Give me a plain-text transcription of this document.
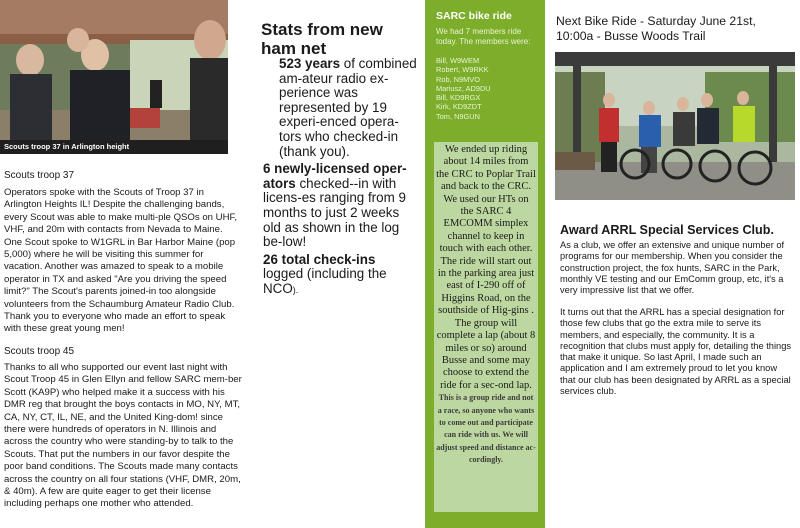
Scouts troop 37 in Arlington height

Scouts troop 37

Operators spoke with the Scouts of Troop 37 in Arlington Heights IL! Despite the challenging bands, every Scout was able to make multi-ple QSOs on UHF, VHF, and 20m with contacts from Nevada to Maine. One Scout spoke to W1GRL in Bar Harbor Maine (pop 5,000) where he will be visiting this summer for vacation. Another was amazed to speak to a mobile operator in TX and asked "Are you driving the speed limit?" The Scout's parents joined-in too alongside volunteers from the Schaumburg Amateur Radio Club. Thank you to everyone who made an effort to speak with these great young men!

Scouts troop 45

Thanks to all who supported our event last night with Scout Troop 45 in Glen Ellyn and fellow SARC mem-ber Scott (KA9P) who helped make it a success with his DMR reg that brought the boys contacts in MO, NY, MT, CA, NY, CT, IL, NE, and the United King-dom! since there were hundreds of operators in N. Illinois and across the country who were standing-by to talk to the Scouts. That put the numbers in our favor despite the poor band conditions. The Scouts made many contacts across the country on all four stations (VHF, DMR, 20m, & 40m). A few are quite eager to get their license including perhaps one mother who attended.

Stats from new ham net
523 years of combined am-ateur radio ex-perience was represented by 19 experi-enced opera-tors who checked-in (thank you).
6 newly-licensed oper-ators checked--in with licens-es ranging from 9 months to just 2 weeks old as shown in the log be-low!
26 total check-ins logged (including the NCO).
SARC bike ride
We had 7 members ride today. The members were:
Bill, W9WEM
Robert, W9RKK
Rob, N9MVO
Mariusz, AD9DU
Bill, KD9RGX
Kirk, KD9ZDT
Tom, N9GUN
We ended up riding about 14 miles from the CRC to Poplar Trail and back to the CRC. We used our HTs on the SARC 4 EMCOMM simplex channel to keep in touch with each other. The ride will start out in the parking area just east of I-290 off of Higgins Road, on the southside of Hig-gins . The group will complete a lap (about 8 miles or so) around Busse and some may choose to extend the ride for a sec-ond lap. This is a group ride and not a race, so anyone who wants to come out and participate can ride with us. We will adjust speed and distance ac-cordingly.
Next Bike Ride - Saturday June 21st, 10:00a - Busse Woods Trail
Award ARRL Special Services Club.
As a club, we offer an extensive and unique number of programs for our membership. When you consider the construction project, the fox hunts, SARC in the Park, monthly VE testing and our EmComm group, etc, it's a very impressive list that we offer.
It turns out that the ARRL has a special designation for those few clubs that go the extra mile to serve its members, and especially, the community. It is a recognition that clubs must apply for, detailing the things that make it unique. So last April, I made such an application and I am extremely proud to let you know that our club has been designated by ARRL as a special services club.
